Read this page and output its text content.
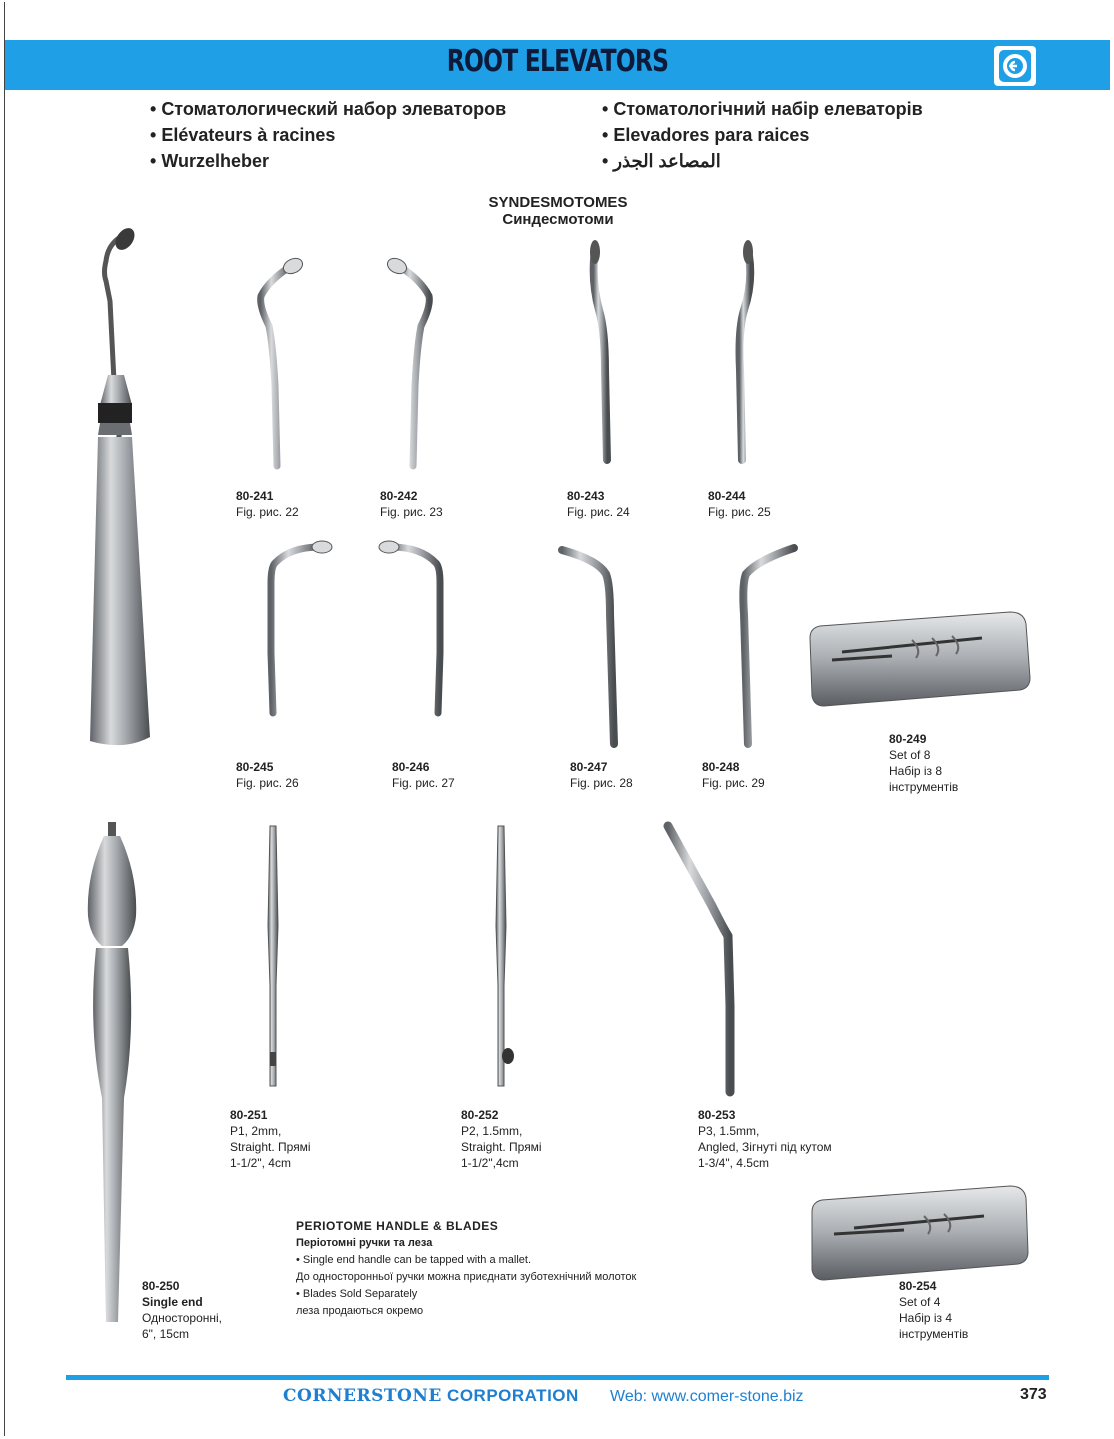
ROOT ELEVATORS
• Стоматологический набор элеваторов
• Elévateurs à racines
• Wurzelheber
• Стоматологічний набір елеваторів
• Elevadores para raices
• المصاعد الجذر
SYNDESMOTOMES
Синдесмотоми
80-241
Fig. рис. 22
80-242
Fig. рис. 23
80-243
Fig. рис. 24
80-244
Fig. рис. 25
80-245
Fig. рис. 26
80-246
Fig. рис. 27
80-247
Fig. рис. 28
80-248
Fig. рис. 29
80-249
Set of 8
Набір із 8
інструментів
80-251
P1, 2mm,
Straight. Прямі
1-1/2", 4cm
80-252
P2, 1.5mm,
Straight. Прямі
1-1/2",4cm
80-253
P3, 1.5mm,
Angled, Зігнуті під кутом
1-3/4", 4.5cm
PERIOTOME HANDLE & BLADES
Періотомні ручки та леза
• Single end handle can be tapped with a mallet.
До односторонньої ручки можна приєднати зуботехнічний молоток
• Blades Sold Separately
леза продаються окремо
80-250
Single end
Односторонні,
6", 15cm
80-254
Set of 4
Набір із 4
інструментів
CORNERSTONE CORPORATION Web: www.comer-stone.biz	373
